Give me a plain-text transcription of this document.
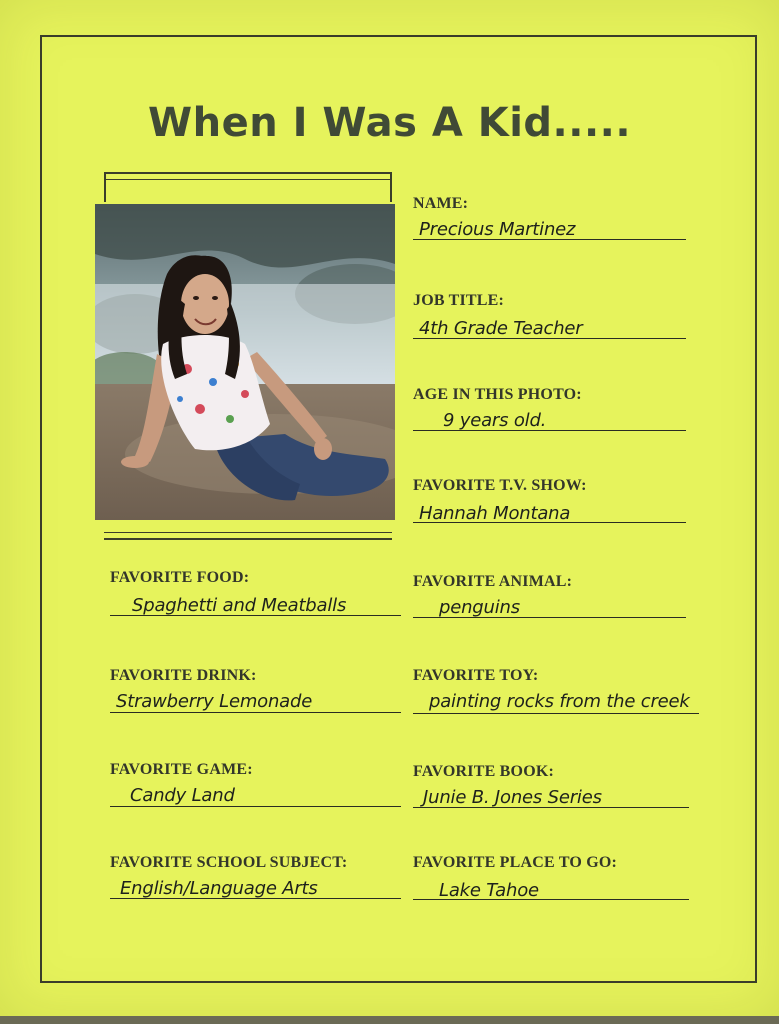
When I Was A Kid.....
NAME:
Precious Martinez
JOB TITLE:
4th Grade Teacher
AGE IN THIS PHOTO:
9 years old.
FAVORITE T.V. SHOW:
Hannah Montana
FAVORITE ANIMAL:
penguins
FAVORITE TOY:
painting rocks from the creek
FAVORITE BOOK:
Junie B. Jones Series
FAVORITE PLACE TO GO:
Lake Tahoe
FAVORITE FOOD:
Spaghetti and Meatballs
FAVORITE DRINK:
Strawberry Lemonade
FAVORITE GAME:
Candy Land
FAVORITE SCHOOL SUBJECT:
English/Language Arts
